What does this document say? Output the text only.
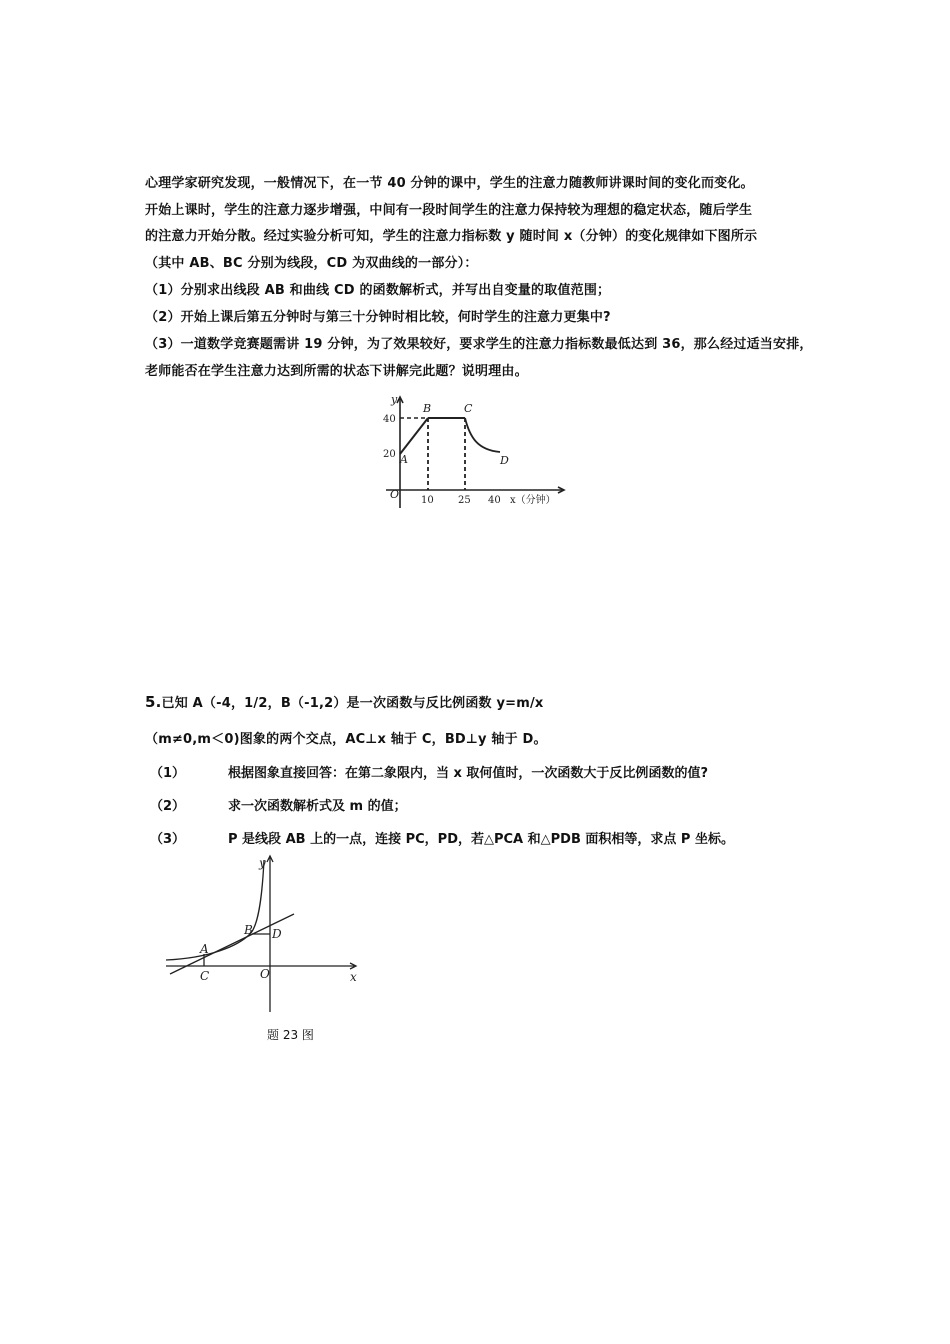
心理学家研究发现，一般情况下，在一节 40 分钟的课中，学生的注意力随教师讲课时间的变化而变化。
开始上课时，学生的注意力逐步增强，中间有一段时间学生的注意力保持较为理想的稳定状态，随后学生
的注意力开始分散。经过实验分析可知，学生的注意力指标数 y 随时间 x（分钟）的变化规律如下图所示
（其中 AB、BC 分别为线段，CD 为双曲线的一部分）：
（1）分别求出线段 AB 和曲线 CD 的函数解析式，并写出自变量的取值范围；
（2）开始上课后第五分钟时与第三十分钟时相比较，何时学生的注意力更集中?
（3）一道数学竞赛题需讲 19 分钟，为了效果较好，要求学生的注意力指标数最低达到 36，那么经过适当安排，
老师能否在学生注意力达到所需的状态下讲解完此题？说明理由。
y
O
A
B	C
D
40
20
10 25 40 x（分钟）
5.已知 A（-4，1/2，B（-1,2）是一次函数与反比例函数 y=m/x
（m≠0,m＜0)图象的两个交点，AC⊥x 轴于 C，BD⊥y 轴于 D。
（1）	根据图象直接回答：在第二象限内，当 x 取何值时，一次函数大于反比例函数的值?
（2）	求一次函数解析式及 m 的值；
（3）	P 是线段 AB 上的一点，连接 PC，PD，若△PCA 和△PDB 面积相等，求点 P 坐标。
y
x
O
A
B
C
D
题 23 图
